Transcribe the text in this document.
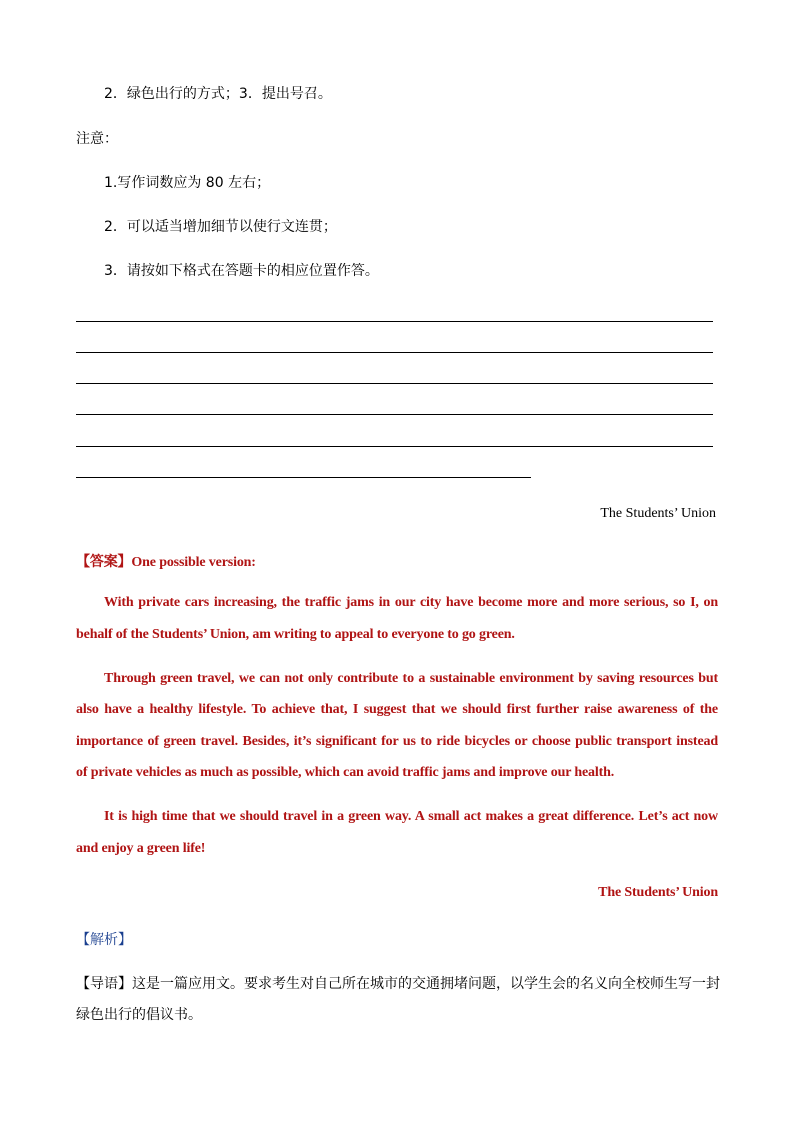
2．绿色出行的方式；3．提出号召。
注意：
1.写作词数应为 80 左右；
2．可以适当增加细节以使行文连贯；
3．请按如下格式在答题卡的相应位置作答。
The Students’ Union
【答案】One possible version:
With private cars increasing, the traffic jams in our city have become more and more serious, so I, on
behalf of the Students’ Union, am writing to appeal to everyone to go green.
Through green travel, we can not only contribute to a sustainable environment by saving resources but
also have a healthy lifestyle. To achieve that, I suggest that we should first further raise awareness of the
importance of green travel. Besides, it’s significant for us to ride bicycles or choose public transport instead
of private vehicles as much as possible, which can avoid traffic jams and improve our health.
It is high time that we should travel in a green way. A small act makes a great difference. Let’s act now
and enjoy a green life!
The Students’ Union
【解析】
【导语】这是一篇应用文。要求考生对自己所在城市的交通拥堵问题，以学生会的名义向全校师生写一封
绿色出行的倡议书。
